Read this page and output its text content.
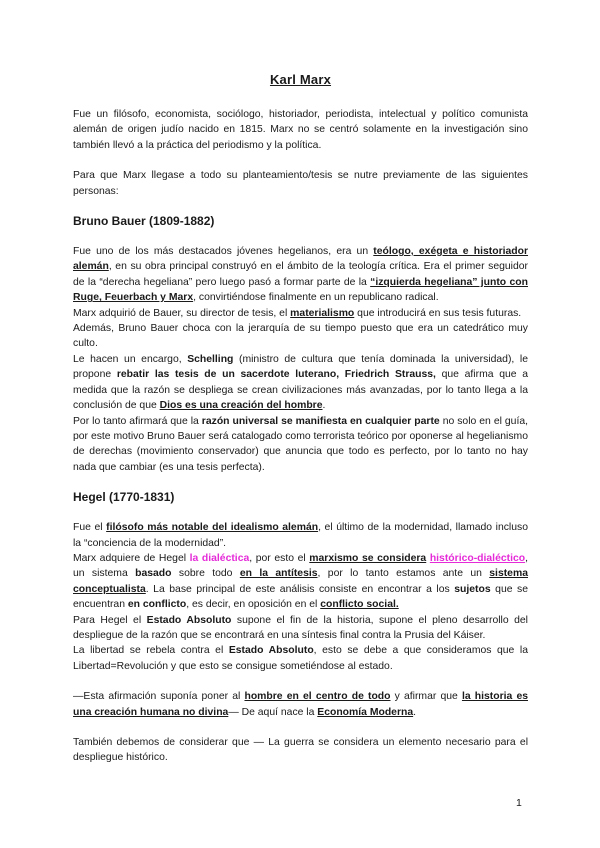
Karl Marx

Fue un filósofo, economista, sociólogo, historiador, periodista, intelectual y político comunista alemán de origen judío nacido en 1815. Marx no se centró solamente en la investigación sino también llevó a la práctica del periodismo y la política.

Para que Marx llegase a todo su planteamiento/tesis se nutre previamente de las siguientes personas:

Bruno Bauer (1809-1882)

Fue uno de los más destacados jóvenes hegelianos, era un teólogo, exégeta e historiador alemán, en su obra principal construyó en el ámbito de la teología crítica. Era el primer seguidor de la “derecha hegeliana” pero luego pasó a formar parte de la “izquierda hegeliana” junto con Ruge, Feuerbach y Marx, convirtiéndose finalmente en un republicano radical.

Marx adquirió de Bauer, su director de tesis, el materialismo que introducirá en sus tesis futuras.

Además, Bruno Bauer choca con la jerarquía de su tiempo puesto que era un catedrático muy culto.

Le hacen un encargo, Schelling (ministro de cultura que tenía dominada la universidad), le propone rebatir las tesis de un sacerdote luterano, Friedrich Strauss, que afirma que a medida que la razón se despliega se crean civilizaciones más avanzadas, por lo tanto llega a la conclusión de que Dios es una creación del hombre.

Por lo tanto afirmará que la razón universal se manifiesta en cualquier parte no solo en el guía, por este motivo Bruno Bauer será catalogado como terrorista teórico por oponerse al hegelianismo de derechas (movimiento conservador) que anuncia que todo es perfecto, por lo tanto no hay nada que cambiar (es una tesis perfecta).

Hegel (1770-1831)

Fue el filósofo más notable del idealismo alemán, el último de la modernidad, llamado incluso la “conciencia de la modernidad”.

Marx adquiere de Hegel la dialéctica, por esto el marxismo se considera histórico-dialéctico, un sistema basado sobre todo en la antítesis, por lo tanto estamos ante un sistema conceptualista. La base principal de este análisis consiste en encontrar a los sujetos que se encuentran en conflicto, es decir, en oposición en el conflicto social.

Para Hegel el Estado Absoluto supone el fin de la historia, supone el pleno desarrollo del despliegue de la razón que se encontrará en una síntesis final contra la Prusia del Káiser.

La libertad se rebela contra el Estado Absoluto, esto se debe a que consideramos que la Libertad=Revolución y que esto se consigue sometiéndose al estado.

—Esta afirmación suponía poner al hombre en el centro de todo y afirmar que la historia es una creación humana no divina— De aquí nace la Economía Moderna.

También debemos de considerar que — La guerra se considera un elemento necesario para el despliegue histórico.

1
